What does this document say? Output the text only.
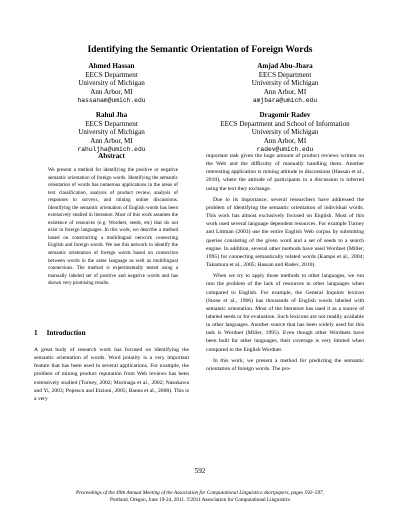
Identifying the Semantic Orientation of Foreign Words
Ahmed Hassan
EECS Department
University of Michigan
Ann Arbor, MI
hassanam@umich.edu
Amjad Abu-Jbara
EECS Department
University of Michigan
Ann Arbor, MI
amjbara@umich.edu
Rahul Jha
EECS Department
University of Michigan
Ann Arbor, MI
rahuljha@umich.edu
Dragomir Radev
EECS Department and School of Information
University of Michigan
Ann Arbor, MI
radev@umich.edu
Abstract
We present a method for identifying the positive or negative semantic orientation of foreign words. Identifying the semantic orientation of words has numerous applications in the areas of text classification, analysis of product review, analysis of responses to surveys, and mining online discussions. Identifying the semantic orientation of English words has been extensively studied in literature. Most of this work assumes the existence of resources (e.g. Wordnet, seeds, etc) that do not exist in foreign languages. In this work, we describe a method based on constructing a multilingual network connecting English and foreign words. We use this network to identify the semantic orientation of foreign words based on connection between words in the same language as well as multilingual connections. The method is experimentally tested using a manually labeled set of positive and negative words and has shown very promising results.
1 Introduction
A great body of research work has focused on identifying the semantic orientation of words. Word polarity is a very important feature that has been used in several applications. For example, the problem of mining product reputation from Web reviews has been extensively studied (Turney, 2002; Morinaga et al., 2002; Nasukawa and Yi, 2003; Popescu and Etzioni, 2005; Banea et al., 2008). This is a very

important task given the huge amount of product reviews written on the Web and the difficulty of manually handling them. Another interesting application is mining attitude in discussions (Hassan et al., 2010), where the attitude of participants in a discussion is inferred using the text they exchange.

Due to its importance, several researchers have addressed the problem of identifying the semantic orientation of individual words. This work has almost exclusively focused on English. Most of this work used several language dependent resources. For example Turney and Littman (2003) use the entire English Web corpus by submitting queries consisting of the given word and a set of seeds to a search engine. In addition, several other methods have used Wordnet (Miller, 1995) for connecting semantically related words (Kamps et al., 2004; Takamura et al., 2005; Hassan and Radev, 2010).

When we try to apply those methods to other languages, we run into the problem of the lack of resources in other languages when compared to English. For example, the General Inquirer lexicon (Stone et al., 1966) has thousands of English words labeled with semantic orientation. Most of the literature has used it as a source of labeled seeds or for evaluation. Such lexicons are not readily available in other languages. Another source that has been widely used for this task is Wordnet (Miller, 1995). Even though other Wordnets have been built for other languages, their coverage is very limited when compared to the English Wordnet.

In this work, we present a method for predicting the semantic orientation of foreign words. The pro-

592
Proceedings of the 49th Annual Meeting of the Association for Computational Linguistics:shortpapers, pages 592–597,
Portland, Oregon, June 19-24, 2011. ©2011 Association for Computational Linguistics
